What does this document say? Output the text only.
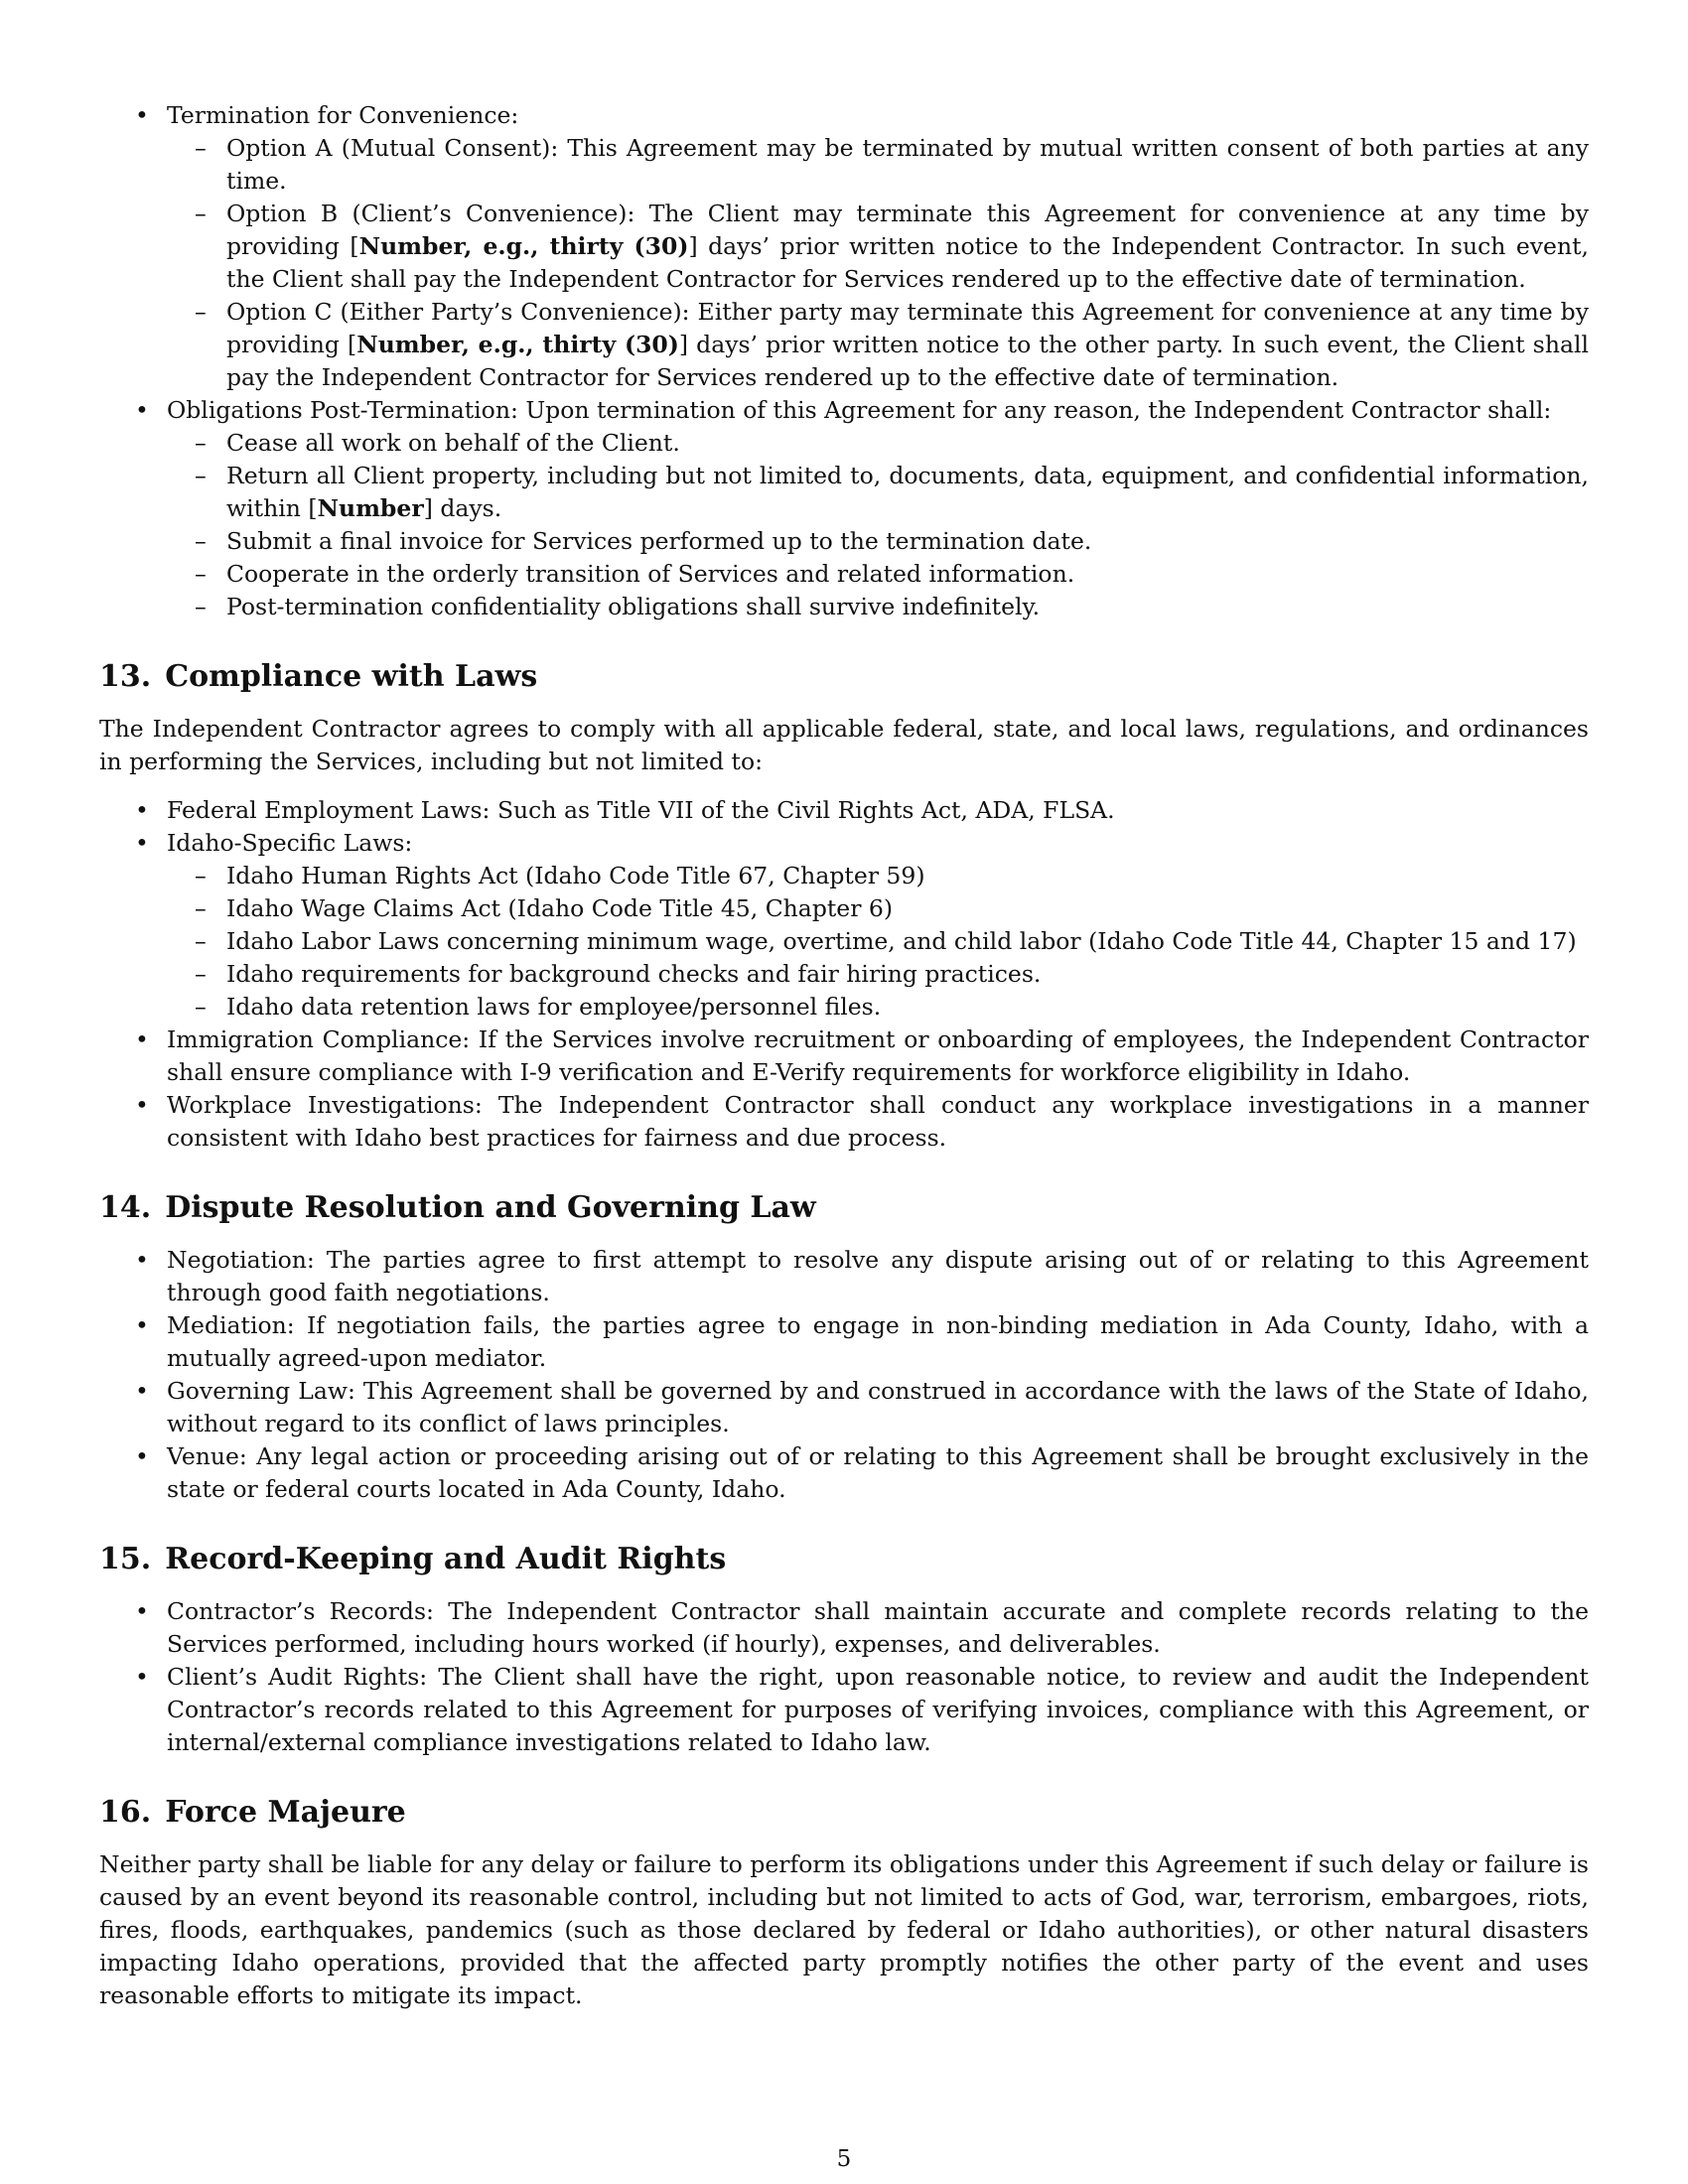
• Termination for Convenience:
– Option A (Mutual Consent): This Agreement may be terminated by mutual written consent of both parties at any time.
– Option B (Client’s Convenience): The Client may terminate this Agreement for convenience at any time by providing [Number, e.g., thirty (30)] days’ prior written notice to the Independent Contractor. In such event, the Client shall pay the Independent Contractor for Services rendered up to the effective date of termination.
– Option C (Either Party’s Convenience): Either party may terminate this Agreement for convenience at any time by providing [Number, e.g., thirty (30)] days’ prior written notice to the other party. In such event, the Client shall pay the Independent Contractor for Services rendered up to the effective date of termination.
• Obligations Post-Termination: Upon termination of this Agreement for any reason, the Independent Contractor shall:
– Cease all work on behalf of the Client.
– Return all Client property, including but not limited to, documents, data, equipment, and confidential information, within [Number] days.
– Submit a final invoice for Services performed up to the termination date.
– Cooperate in the orderly transition of Services and related information.
– Post-termination confidentiality obligations shall survive indefinitely.
13. Compliance with Laws

The Independent Contractor agrees to comply with all applicable federal, state, and local laws, regulations, and ordinances in performing the Services, including but not limited to:

• Federal Employment Laws: Such as Title VII of the Civil Rights Act, ADA, FLSA.
• Idaho-Specific Laws:
– Idaho Human Rights Act (Idaho Code Title 67, Chapter 59)
– Idaho Wage Claims Act (Idaho Code Title 45, Chapter 6)
– Idaho Labor Laws concerning minimum wage, overtime, and child labor (Idaho Code Title 44, Chapter 15 and 17)
– Idaho requirements for background checks and fair hiring practices.
– Idaho data retention laws for employee/personnel files.
• Immigration Compliance: If the Services involve recruitment or onboarding of employees, the Independent Contractor shall ensure compliance with I-9 verification and E-Verify requirements for workforce eligibility in Idaho.
• Workplace Investigations: The Independent Contractor shall conduct any workplace investigations in a manner consistent with Idaho best practices for fairness and due process.
14. Dispute Resolution and Governing Law
• Negotiation: The parties agree to first attempt to resolve any dispute arising out of or relating to this Agreement through good faith negotiations.
• Mediation: If negotiation fails, the parties agree to engage in non-binding mediation in Ada County, Idaho, with a mutually agreed-upon mediator.
• Governing Law: This Agreement shall be governed by and construed in accordance with the laws of the State of Idaho, without regard to its conflict of laws principles.
• Venue: Any legal action or proceeding arising out of or relating to this Agreement shall be brought exclusively in the state or federal courts located in Ada County, Idaho.
15. Record-Keeping and Audit Rights
• Contractor’s Records: The Independent Contractor shall maintain accurate and complete records relating to the Services performed, including hours worked (if hourly), expenses, and deliverables.
• Client’s Audit Rights: The Client shall have the right, upon reasonable notice, to review and audit the Independent Contractor’s records related to this Agreement for purposes of verifying invoices, compliance with this Agreement, or internal/external compliance investigations related to Idaho law.
16. Force Majeure

Neither party shall be liable for any delay or failure to perform its obligations under this Agreement if such delay or failure is caused by an event beyond its reasonable control, including but not limited to acts of God, war, terrorism, embargoes, riots, fires, floods, earthquakes, pandemics (such as those declared by federal or Idaho authorities), or other natural disasters impacting Idaho operations, provided that the affected party promptly notifies the other party of the event and uses reasonable efforts to mitigate its impact.

5
